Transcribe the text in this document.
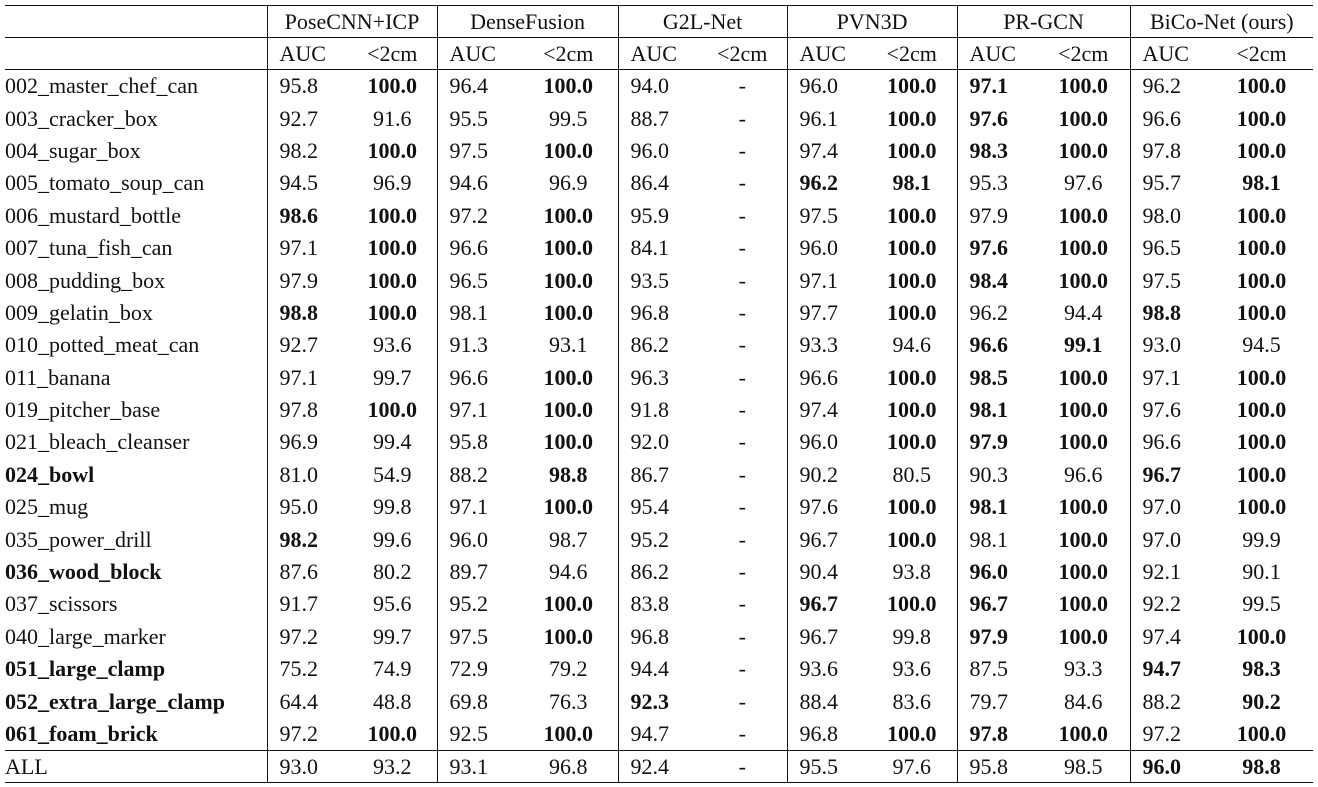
	PoseCNN+ICP		DenseFusion		G2L-Net		PVN3D		PR-GCN		BiCo-Net (ours)	
	AUC	<2cm	AUC	<2cm	AUC	<2cm	AUC	<2cm	AUC	<2cm	AUC	<2cm
002_master_chef_can	95.8	100.0	96.4	100.0	94.0	-	96.0	100.0	97.1	100.0	96.2	100.0
003_cracker_box	92.7	91.6	95.5	99.5	88.7	-	96.1	100.0	97.6	100.0	96.6	100.0
004_sugar_box	98.2	100.0	97.5	100.0	96.0	-	97.4	100.0	98.3	100.0	97.8	100.0
005_tomato_soup_can	94.5	96.9	94.6	96.9	86.4	-	96.2	98.1	95.3	97.6	95.7	98.1
006_mustard_bottle	98.6	100.0	97.2	100.0	95.9	-	97.5	100.0	97.9	100.0	98.0	100.0
007_tuna_fish_can	97.1	100.0	96.6	100.0	84.1	-	96.0	100.0	97.6	100.0	96.5	100.0
008_pudding_box	97.9	100.0	96.5	100.0	93.5	-	97.1	100.0	98.4	100.0	97.5	100.0
009_gelatin_box	98.8	100.0	98.1	100.0	96.8	-	97.7	100.0	96.2	94.4	98.8	100.0
010_potted_meat_can	92.7	93.6	91.3	93.1	86.2	-	93.3	94.6	96.6	99.1	93.0	94.5
011_banana	97.1	99.7	96.6	100.0	96.3	-	96.6	100.0	98.5	100.0	97.1	100.0
019_pitcher_base	97.8	100.0	97.1	100.0	91.8	-	97.4	100.0	98.1	100.0	97.6	100.0
021_bleach_cleanser	96.9	99.4	95.8	100.0	92.0	-	96.0	100.0	97.9	100.0	96.6	100.0
024_bowl	81.0	54.9	88.2	98.8	86.7	-	90.2	80.5	90.3	96.6	96.7	100.0
025_mug	95.0	99.8	97.1	100.0	95.4	-	97.6	100.0	98.1	100.0	97.0	100.0
035_power_drill	98.2	99.6	96.0	98.7	95.2	-	96.7	100.0	98.1	100.0	97.0	99.9
036_wood_block	87.6	80.2	89.7	94.6	86.2	-	90.4	93.8	96.0	100.0	92.1	90.1
037_scissors	91.7	95.6	95.2	100.0	83.8	-	96.7	100.0	96.7	100.0	92.2	99.5
040_large_marker	97.2	99.7	97.5	100.0	96.8	-	96.7	99.8	97.9	100.0	97.4	100.0
051_large_clamp	75.2	74.9	72.9	79.2	94.4	-	93.6	93.6	87.5	93.3	94.7	98.3
052_extra_large_clamp	64.4	48.8	69.8	76.3	92.3	-	88.4	83.6	79.7	84.6	88.2	90.2
061_foam_brick	97.2	100.0	92.5	100.0	94.7	-	96.8	100.0	97.8	100.0	97.2	100.0
ALL	93.0	93.2	93.1	96.8	92.4	-	95.5	97.6	95.8	98.5	96.0	98.8
